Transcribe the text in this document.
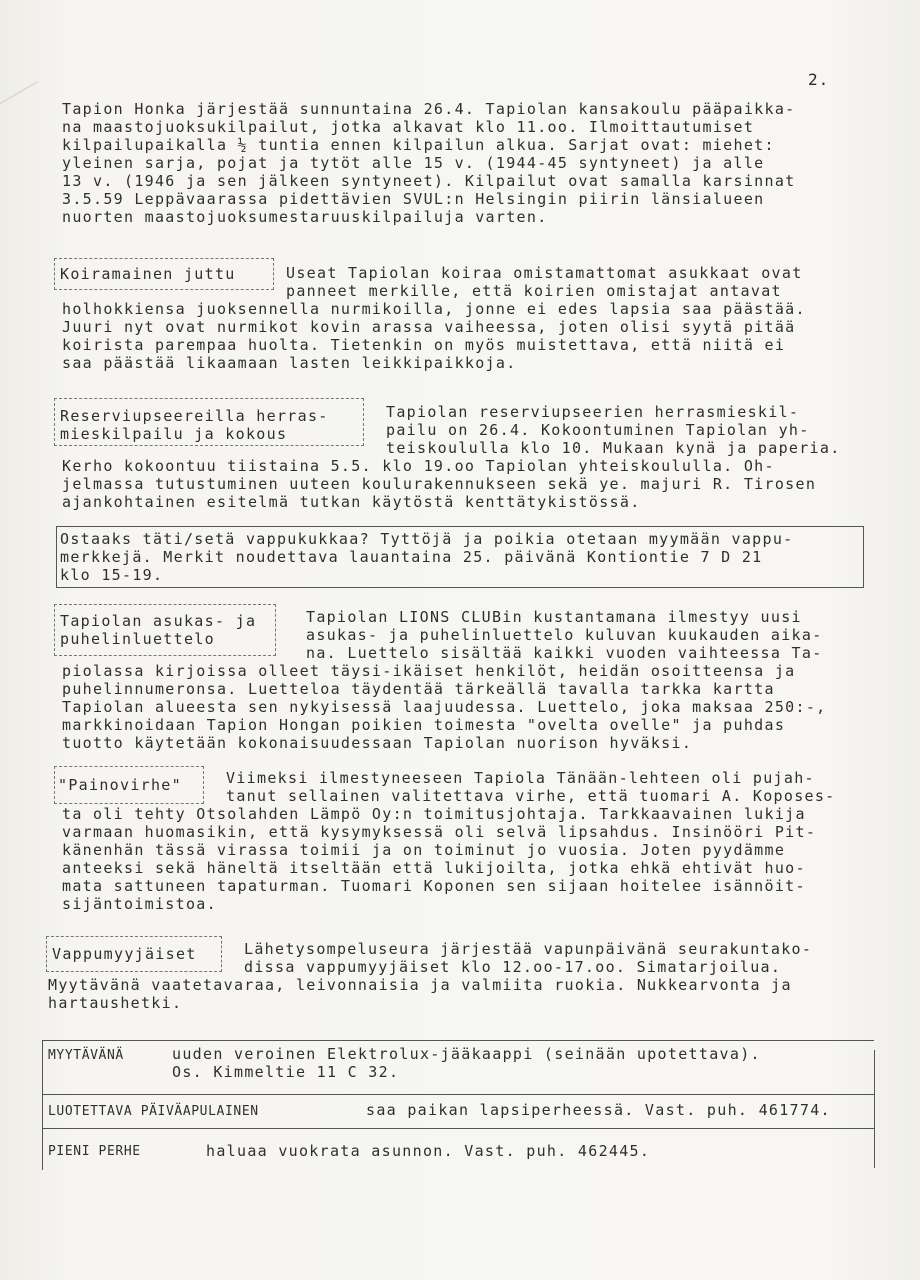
2.
Tapion Honka järjestää sunnuntaina 26.4. Tapiolan kansakoulu pääpaikka-
na maastojuoksukilpailut, jotka alkavat klo 11.oo. Ilmoittautumiset
kilpailupaikalla ½ tuntia ennen kilpailun alkua. Sarjat ovat: miehet:
yleinen sarja, pojat ja tytöt alle 15 v. (1944-45 syntyneet) ja alle
13 v. (1946 ja sen jälkeen syntyneet). Kilpailut ovat samalla karsinnat
3.5.59 Leppävaarassa pidettävien SVUL:n Helsingin piirin länsialueen
nuorten maastojuoksumestaruuskilpailuja varten.
Koiramainen juttu	Useat Tapiolan koiraa omistamattomat asukkaat ovat
panneet merkille, että koirien omistajat antavat
holhokkiensa juoksennella nurmikoilla, jonne ei edes lapsia saa päästää.
Juuri nyt ovat nurmikot kovin arassa vaiheessa, joten olisi syytä pitää
koirista parempaa huolta. Tietenkin on myös muistettava, että niitä ei
saa päästää likaamaan lasten leikkipaikkoja.
Reserviupseereilla herras-
mieskilpailu ja kokous
Tapiolan reserviupseerien herrasmieskil-
pailu on 26.4. Kokoontuminen Tapiolan yh-
teiskoululla klo 10. Mukaan kynä ja paperia.
Kerho kokoontuu tiistaina 5.5. klo 19.oo Tapiolan yhteiskoululla. Oh-
jelmassa tutustuminen uuteen koulurakennukseen sekä ye. majuri R. Tirosen
ajankohtainen esitelmä tutkan käytöstä kenttätykistössä.
Ostaaks täti/setä vappukukkaa? Tyttöjä ja poikia otetaan myymään vappu-
merkkejä. Merkit noudettava lauantaina 25. päivänä Kontiontie 7 D 21
klo 15-19.
Tapiolan asukas- ja
puhelinluettelo
Tapiolan LIONS CLUBin kustantamana ilmestyy uusi
asukas- ja puhelinluettelo kuluvan kuukauden aika-
na. Luettelo sisältää kaikki vuoden vaihteessa Ta-
piolassa kirjoissa olleet täysi-ikäiset henkilöt, heidän osoitteensa ja
puhelinnumeronsa. Luetteloa täydentää tärkeällä tavalla tarkka kartta
Tapiolan alueesta sen nykyisessä laajuudessa. Luettelo, joka maksaa 250:-,
markkinoidaan Tapion Hongan poikien toimesta "ovelta ovelle" ja puhdas
tuotto käytetään kokonaisuudessaan Tapiolan nuorison hyväksi.
"Painovirhe"	Viimeksi ilmestyneeseen Tapiola Tänään-lehteen oli pujah-
tanut sellainen valitettava virhe, että tuomari A. Koposes-
ta oli tehty Otsolahden Lämpö Oy:n toimitusjohtaja. Tarkkaavainen lukija
varmaan huomasikin, että kysymyksessä oli selvä lipsahdus. Insinööri Pit-
känenhän tässä virassa toimii ja on toiminut jo vuosia. Joten pyydämme
anteeksi sekä häneltä itseltään että lukijoilta, jotka ehkä ehtivät huo-
mata sattuneen tapaturman. Tuomari Koponen sen sijaan hoitelee isännöit-
sijäntoimistoa.
Vappumyyjäiset	Lähetysompeluseura järjestää vapunpäivänä seurakuntako-
dissa vappumyyjäiset klo 12.oo-17.oo. Simatarjoilua.
Myytävänä vaatetavaraa, leivonnaisia ja valmiita ruokia. Nukkearvonta ja
hartaushetki.
MYYTÄVÄNÄ	uuden veroinen Elektrolux-jääkaappi (seinään upotettava).
Os. Kimmeltie 11 C 32.
LUOTETTAVA PÄIVÄAPULAINEN	saa paikan lapsiperheessä. Vast. puh. 461774.
PIENI PERHE	haluaa vuokrata asunnon. Vast. puh. 462445.
